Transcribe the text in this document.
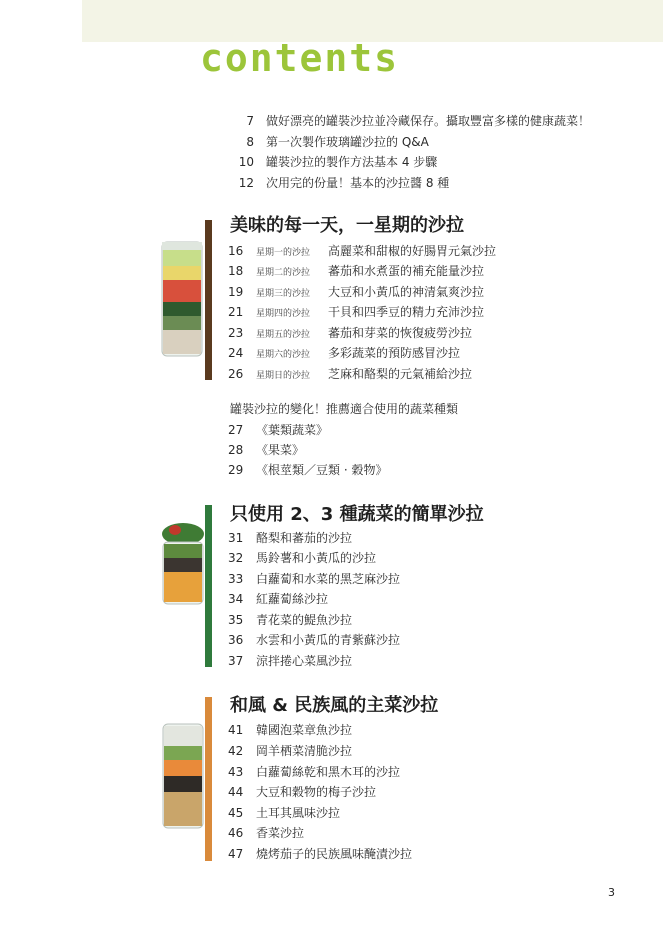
contents
7 做好漂亮的罐裝沙拉並冷藏保存。攝取豐富多樣的健康蔬菜！
8 第一次製作玻璃罐沙拉的 Q&A
10 罐裝沙拉的製作方法基本 4 步驟
12 次用完的份量！基本的沙拉醬 8 種
美味的每一天，一星期的沙拉
16 星期一的沙拉 高麗菜和甜椒的好腸胃元氣沙拉
18 星期二的沙拉 蕃茄和水煮蛋的補充能量沙拉
19 星期三的沙拉 大豆和小黃瓜的神清氣爽沙拉
21 星期四的沙拉 干貝和四季豆的精力充沛沙拉
23 星期五的沙拉 蕃茄和芽菜的恢復疲勞沙拉
24 星期六的沙拉 多彩蔬菜的預防感冒沙拉
26 星期日的沙拉 芝麻和酪梨的元氣補給沙拉
罐裝沙拉的變化！推薦適合使用的蔬菜種類
27 《葉類蔬菜》
28 《果菜》
29 《根莖類／豆類 · 穀物》
只使用 2、3 種蔬菜的簡單沙拉
31 酪梨和蕃茄的沙拉
32 馬鈴薯和小黃瓜的沙拉
33 白蘿蔔和水菜的黑芝麻沙拉
34 紅蘿蔔絲沙拉
35 青花菜的鯷魚沙拉
36 水雲和小黃瓜的青紫蘇沙拉
37 涼拌捲心菜風沙拉
和風 & 民族風的主菜沙拉
41 韓國泡菜章魚沙拉
42 岡羊栖菜清脆沙拉
43 白蘿蔔絲乾和黑木耳的沙拉
44 大豆和穀物的梅子沙拉
45 土耳其風味沙拉
46 香菜沙拉
47 燒烤茄子的民族風味醃漬沙拉
3
